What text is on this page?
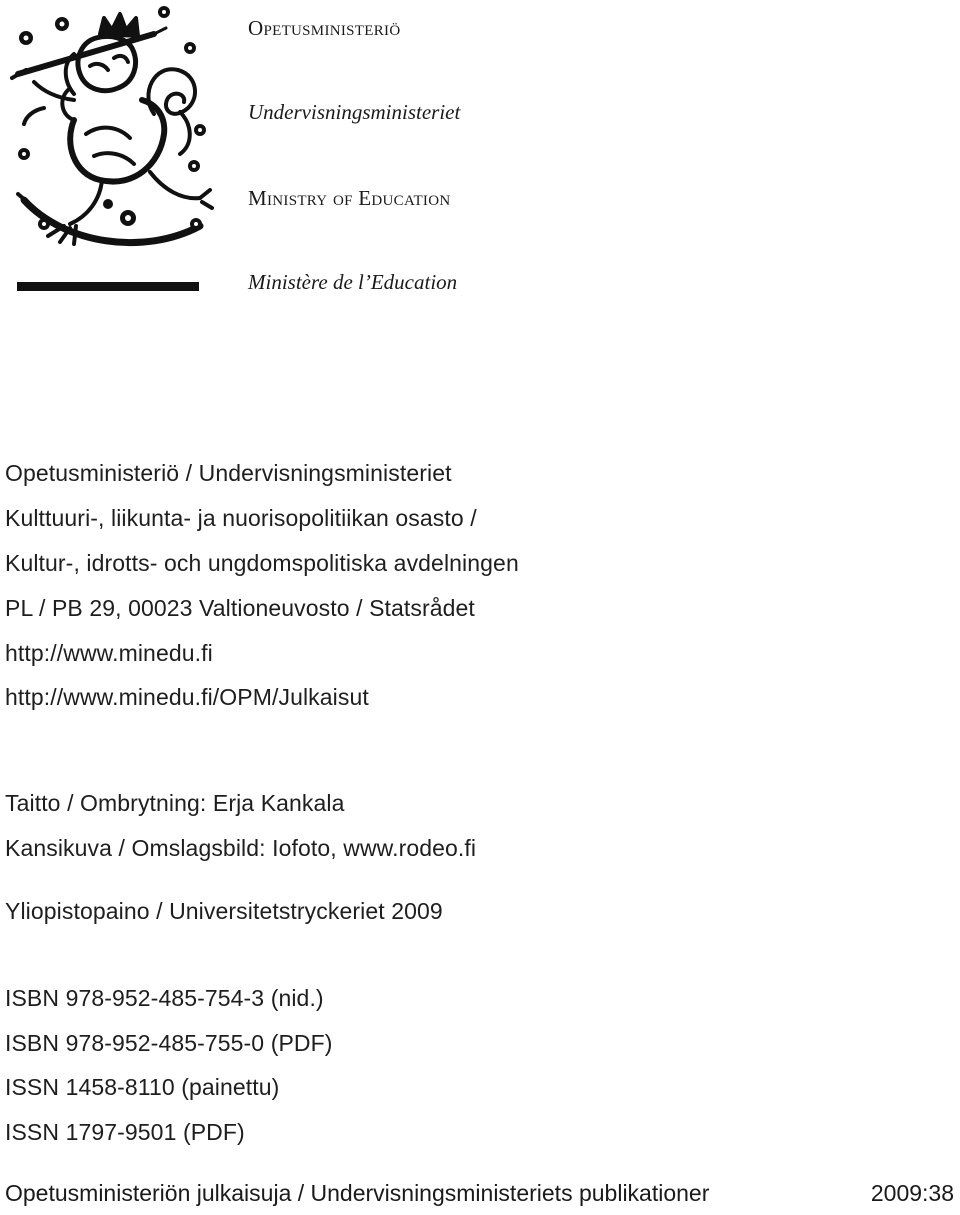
Opetusministeriö
Undervisningsministeriet
Ministry of Education
Ministère de l’Education
Opetusministeriö / Undervisningsministeriet
Kulttuuri-, liikunta- ja nuorisopolitiikan osasto /
Kultur-, idrotts- och ungdomspolitiska avdelningen
PL / PB 29, 00023 Valtioneuvosto / Statsrådet
http://www.minedu.fi
http://www.minedu.fi/OPM/Julkaisut
Taitto / Ombrytning: Erja Kankala
Kansikuva / Omslagsbild: Iofoto, www.rodeo.fi
Yliopistopaino / Universitetstryckeriet 2009
ISBN 978-952-485-754-3 (nid.)
ISBN 978-952-485-755-0 (PDF)
ISSN 1458-8110 (painettu)
ISSN 1797-9501 (PDF)
Opetusministeriön julkaisuja / Undervisningsministeriets publikationer	2009:38
